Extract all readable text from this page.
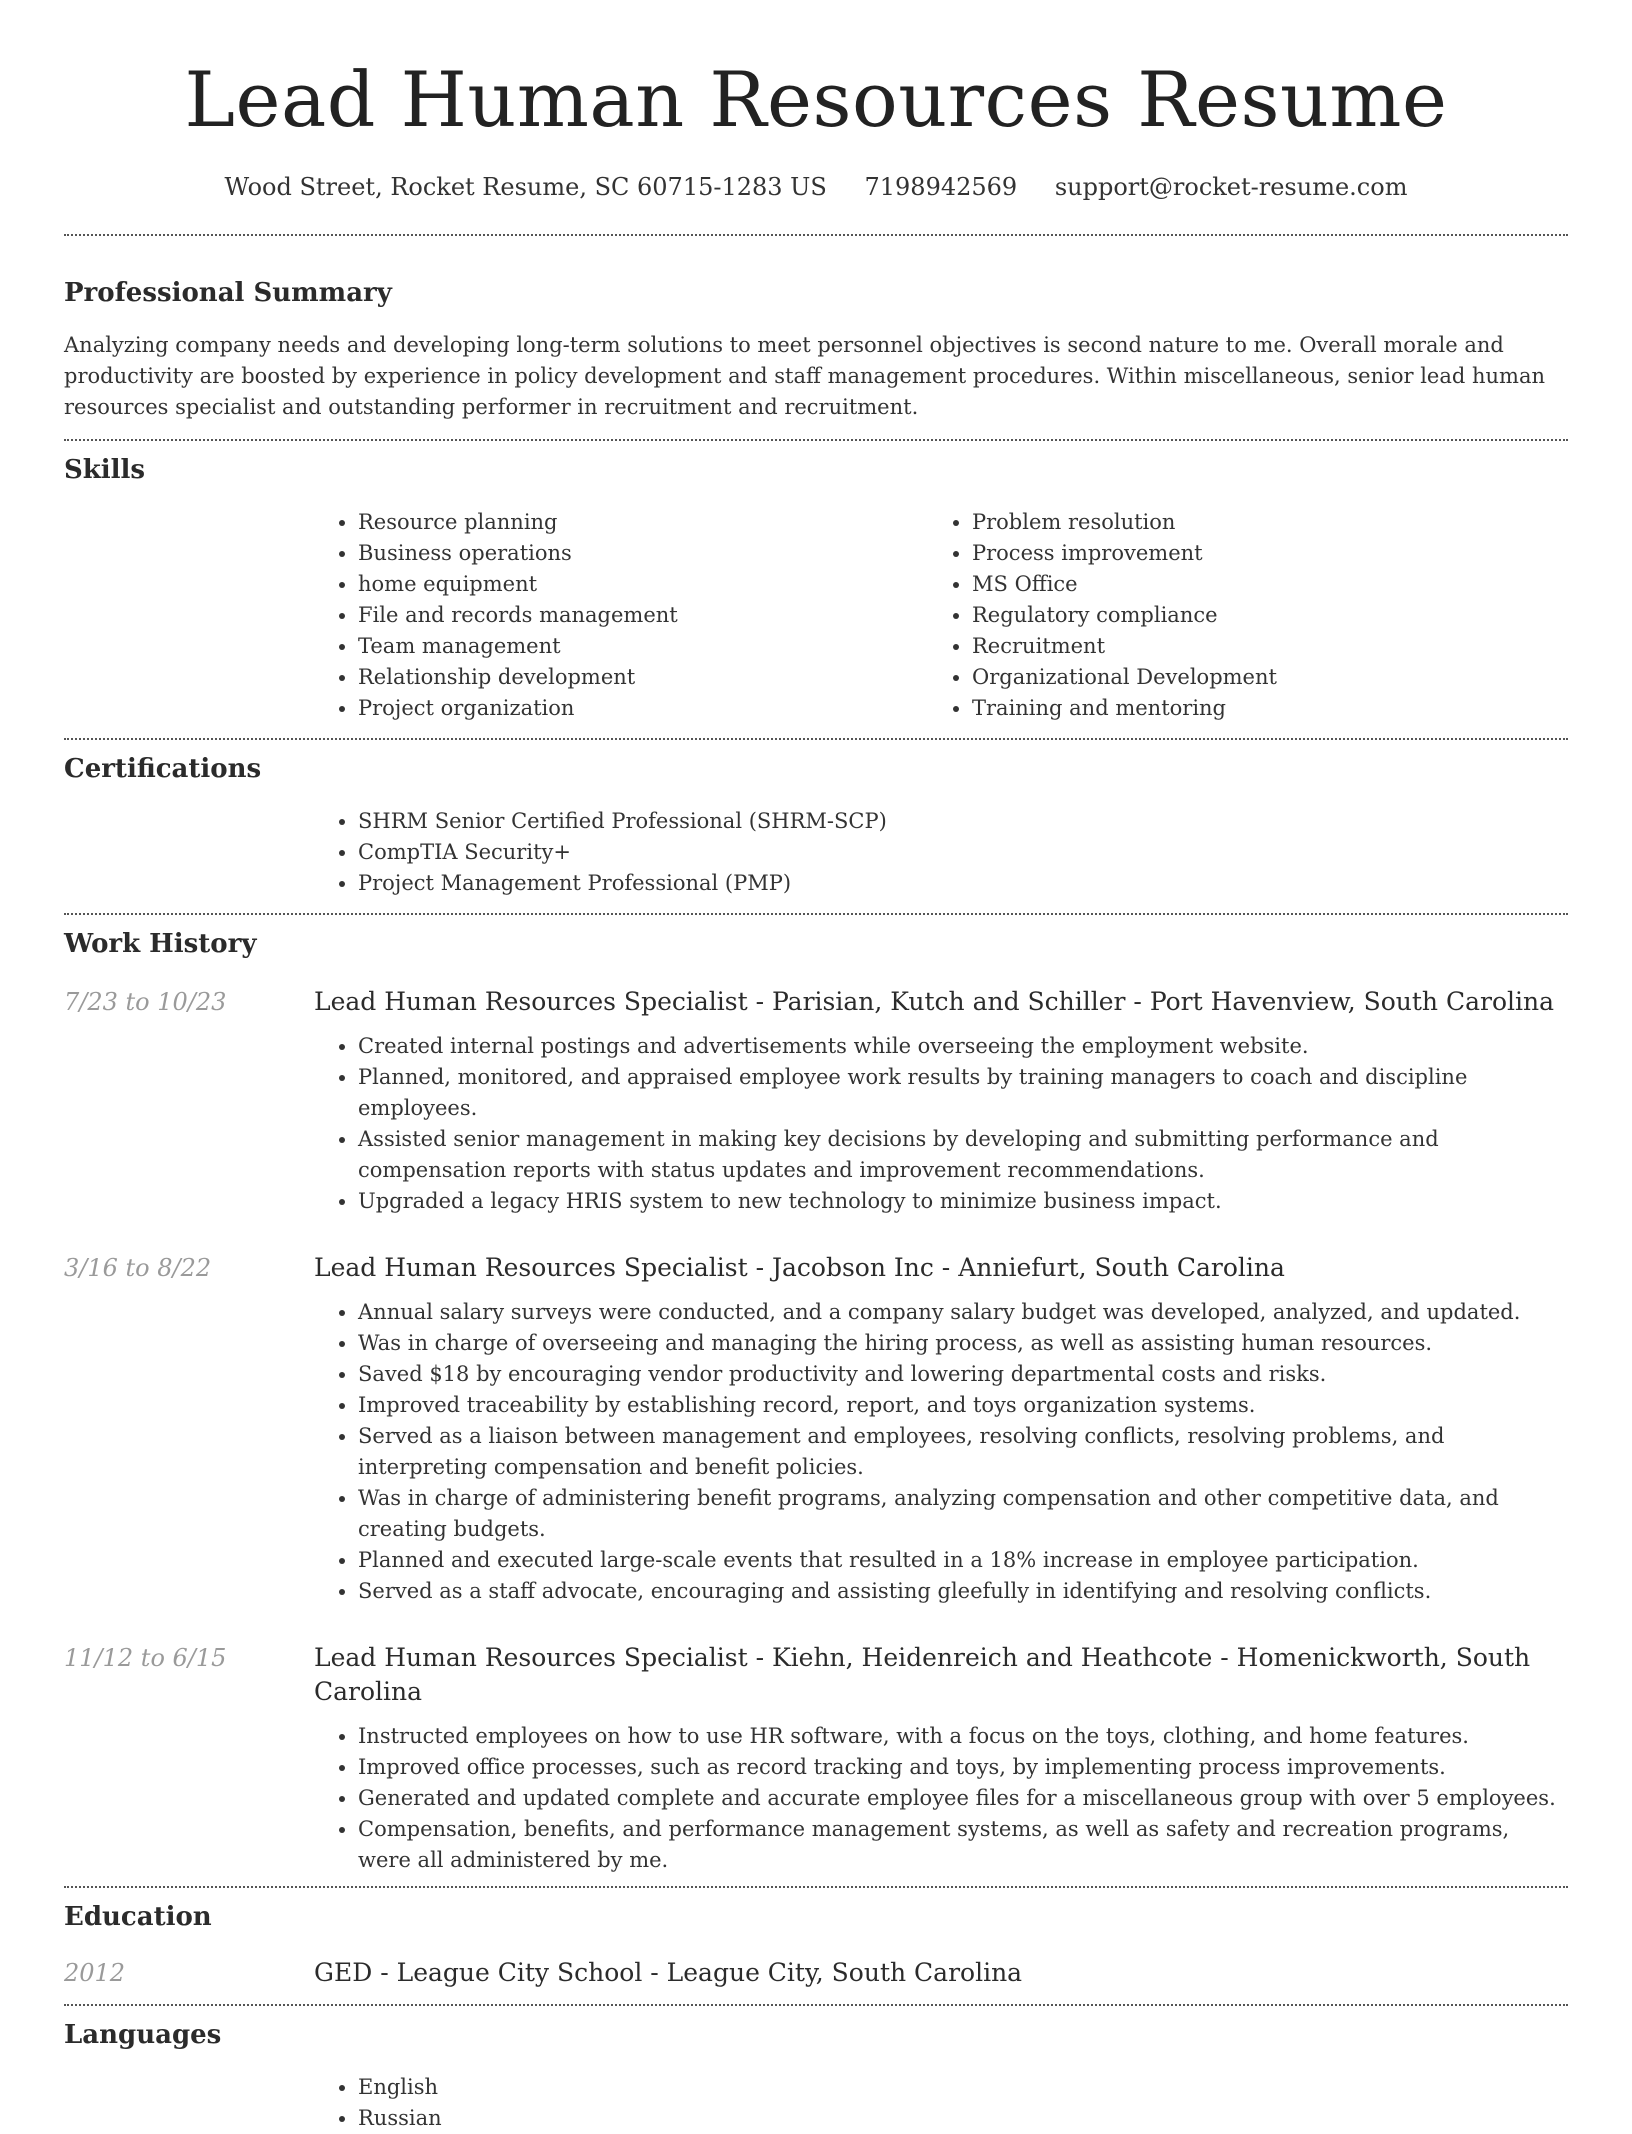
Lead Human Resources Resume
Wood Street, Rocket Resume, SC 60715-1283 US 7198942569 support@rocket-resume.com
Professional Summary

Analyzing company needs and developing long-term solutions to meet personnel objectives is second nature to me. Overall morale and productivity are boosted by experience in policy development and staff management procedures. Within miscellaneous, senior lead human resources specialist and outstanding performer in recruitment and recruitment.

Skills
• Resource planning
• Business operations
• home equipment
• File and records management
• Team management
• Relationship development
• Project organization
• Problem resolution
• Process improvement
• MS Office
• Regulatory compliance
• Recruitment
• Organizational Development
• Training and mentoring
Certifications
• SHRM Senior Certified Professional (SHRM-SCP)
• CompTIA Security+
• Project Management Professional (PMP)
Work History
7/23 to 10/23	Lead Human Resources Specialist - Parisian, Kutch and Schiller - Port Havenview, South Carolina
• Created internal postings and advertisements while overseeing the employment website.
• Planned, monitored, and appraised employee work results by training managers to coach and discipline employees.
• Assisted senior management in making key decisions by developing and submitting performance and compensation reports with status updates and improvement recommendations.
• Upgraded a legacy HRIS system to new technology to minimize business impact.
3/16 to 8/22	Lead Human Resources Specialist - Jacobson Inc - Anniefurt, South Carolina
• Annual salary surveys were conducted, and a company salary budget was developed, analyzed, and updated.
• Was in charge of overseeing and managing the hiring process, as well as assisting human resources.
• Saved $18 by encouraging vendor productivity and lowering departmental costs and risks.
• Improved traceability by establishing record, report, and toys organization systems.
• Served as a liaison between management and employees, resolving conflicts, resolving problems, and interpreting compensation and benefit policies.
• Was in charge of administering benefit programs, analyzing compensation and other competitive data, and creating budgets.
• Planned and executed large-scale events that resulted in a 18% increase in employee participation.
• Served as a staff advocate, encouraging and assisting gleefully in identifying and resolving conflicts.
11/12 to 6/15	Lead Human Resources Specialist - Kiehn, Heidenreich and Heathcote - Homenickworth, South Carolina
• Instructed employees on how to use HR software, with a focus on the toys, clothing, and home features.
• Improved office processes, such as record tracking and toys, by implementing process improvements.
• Generated and updated complete and accurate employee files for a miscellaneous group with over 5 employees.
• Compensation, benefits, and performance management systems, as well as safety and recreation programs, were all administered by me.
Education
2012	GED - League City School - League City, South Carolina
Languages
• English
• Russian
